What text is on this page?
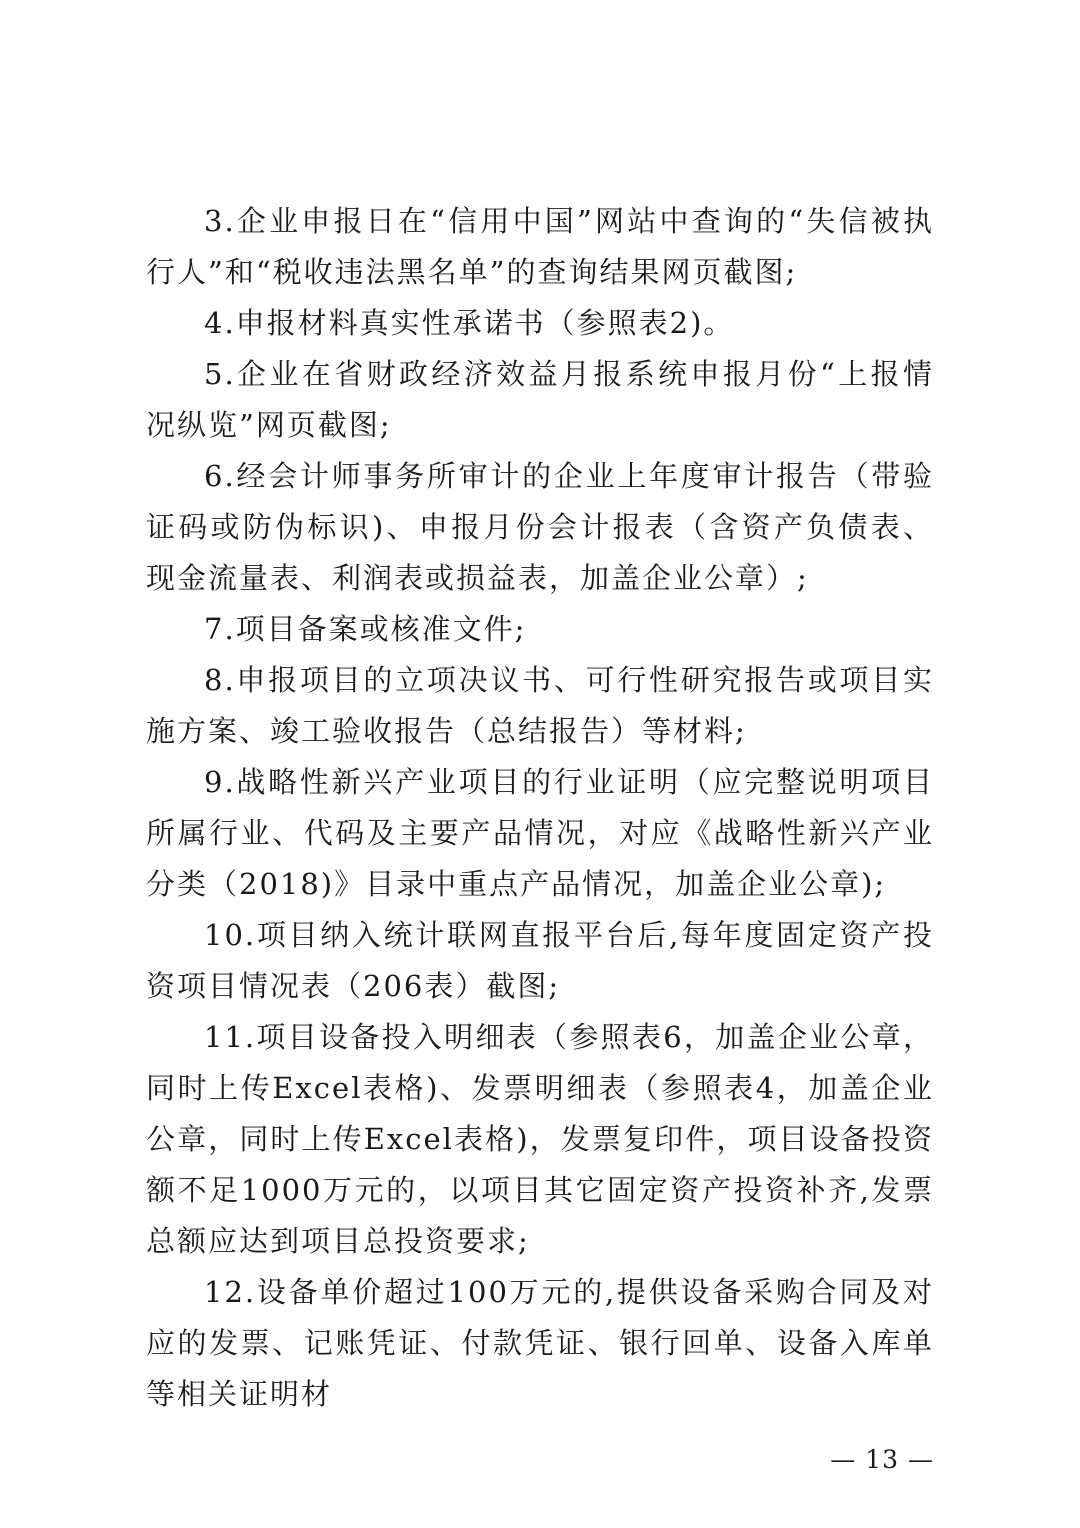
3.企业申报日在“信用中国”网站中查询的“失信被执行人”和“税收违法黑名单”的查询结果网页截图;

4.申报材料真实性承诺书（参照表2)。

5.企业在省财政经济效益月报系统申报月份“上报情况纵览”网页截图;

6.经会计师事务所审计的企业上年度审计报告（带验证码或防伪标识)、申报月份会计报表（含资产负债表、现金流量表、利润表或损益表，加盖企业公章）;

7.项目备案或核准文件;

8.申报项目的立项决议书、可行性研究报告或项目实施方案、竣工验收报告（总结报告）等材料;

9.战略性新兴产业项目的行业证明（应完整说明项目所属行业、代码及主要产品情况，对应《战略性新兴产业分类（2018)》目录中重点产品情况，加盖企业公章);

10.项目纳入统计联网直报平台后,每年度固定资产投资项目情况表（206表）截图;

11.项目设备投入明细表（参照表6，加盖企业公章，同时上传Excel表格)、发票明细表（参照表4，加盖企业公章，同时上传Excel表格)，发票复印件，项目设备投资额不足1000万元的，以项目其它固定资产投资补齐,发票总额应达到项目总投资要求;

12.设备单价超过100万元的,提供设备采购合同及对应的发票、记账凭证、付款凭证、银行回单、设备入库单等相关证明材

— 13 —
